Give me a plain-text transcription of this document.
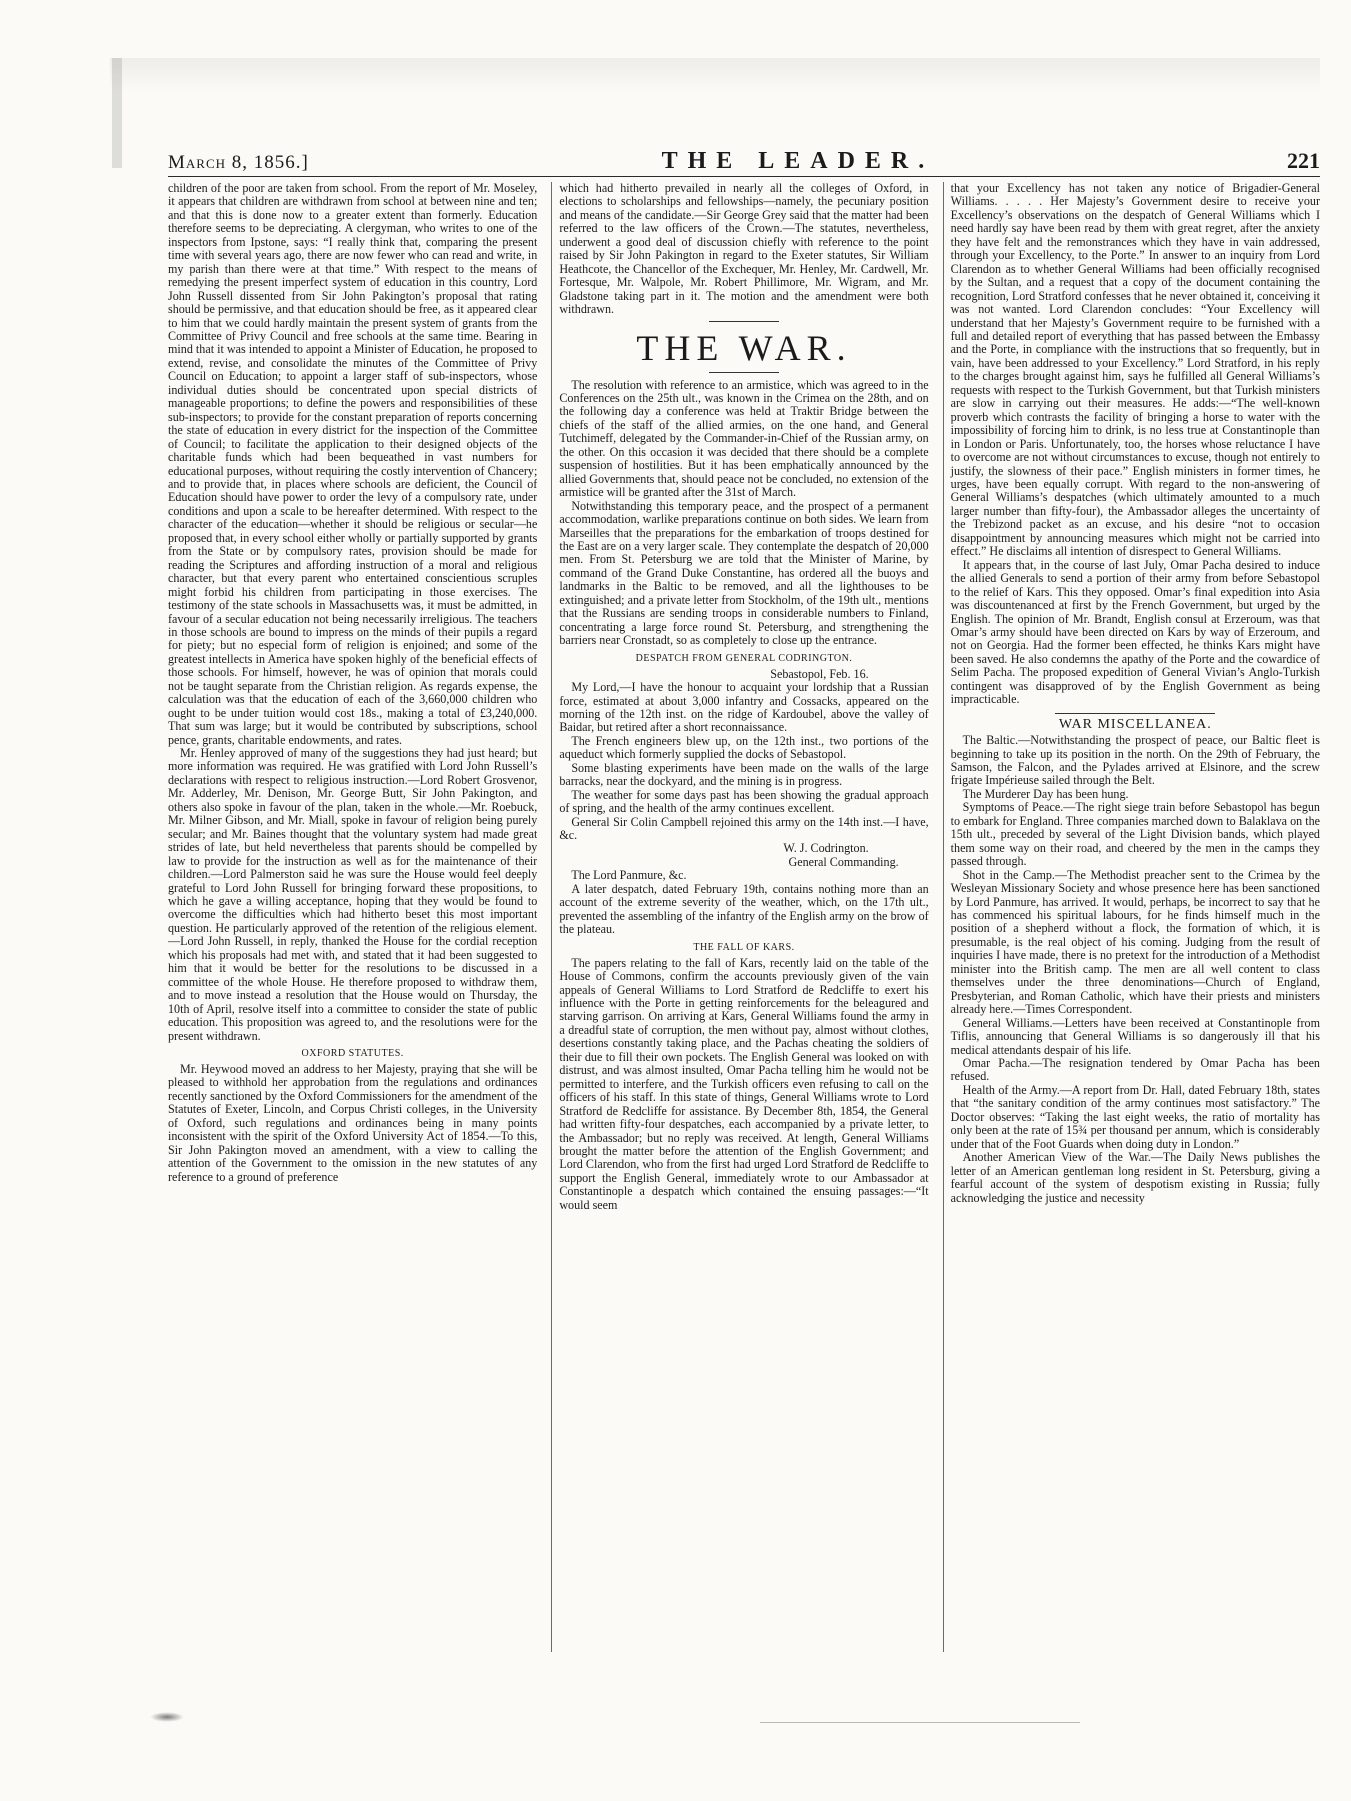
March 8, 1856.]	THE LEADER.	221

children of the poor are taken from school. From the report of Mr. Moseley, it appears that children are withdrawn from school at between nine and ten; and that this is done now to a greater extent than formerly. Education therefore seems to be depreciating. A clergyman, who writes to one of the inspectors from Ipstone, says: “I really think that, comparing the present time with several years ago, there are now fewer who can read and write, in my parish than there were at that time.” With respect to the means of remedying the present imperfect system of education in this country, Lord John Russell dissented from Sir John Pakington’s proposal that rating should be permissive, and that education should be free, as it appeared clear to him that we could hardly maintain the present system of grants from the Committee of Privy Council and free schools at the same time. Bearing in mind that it was intended to appoint a Minister of Education, he proposed to extend, revise, and consolidate the minutes of the Committee of Privy Council on Education; to appoint a larger staff of sub-inspectors, whose individual duties should be concentrated upon special districts of manageable proportions; to define the powers and responsibilities of these sub-inspectors; to provide for the constant preparation of reports concerning the state of education in every district for the inspection of the Committee of Council; to facilitate the application to their designed objects of the charitable funds which had been bequeathed in vast numbers for educational purposes, without requiring the costly intervention of Chancery; and to provide that, in places where schools are deficient, the Council of Education should have power to order the levy of a compulsory rate, under conditions and upon a scale to be hereafter determined. With respect to the character of the education—whether it should be religious or secular—he proposed that, in every school either wholly or partially supported by grants from the State or by compulsory rates, provision should be made for reading the Scriptures and affording instruction of a moral and religious character, but that every parent who entertained conscientious scruples might forbid his children from participating in those exercises. The testimony of the state schools in Massachusetts was, it must be admitted, in favour of a secular education not being necessarily irreligious. The teachers in those schools are bound to impress on the minds of their pupils a regard for piety; but no especial form of religion is enjoined; and some of the greatest intellects in America have spoken highly of the beneficial effects of those schools. For himself, however, he was of opinion that morals could not be taught separate from the Christian religion. As regards expense, the calculation was that the education of each of the 3,660,000 children who ought to be under tuition would cost 18s., making a total of £3,240,000. That sum was large; but it would be contributed by subscriptions, school pence, grants, charitable endowments, and rates.

Mr. Henley approved of many of the suggestions they had just heard; but more information was required. He was gratified with Lord John Russell’s declarations with respect to religious instruction.—Lord Robert Grosvenor, Mr. Adderley, Mr. Denison, Mr. George Butt, Sir John Pakington, and others also spoke in favour of the plan, taken in the whole.—Mr. Roebuck, Mr. Milner Gibson, and Mr. Miall, spoke in favour of religion being purely secular; and Mr. Baines thought that the voluntary system had made great strides of late, but held nevertheless that parents should be compelled by law to provide for the instruction as well as for the maintenance of their children.—Lord Palmerston said he was sure the House would feel deeply grateful to Lord John Russell for bringing forward these propositions, to which he gave a willing acceptance, hoping that they would be found to overcome the difficulties which had hitherto beset this most important question. He particularly approved of the retention of the religious element.—Lord John Russell, in reply, thanked the House for the cordial reception which his proposals had met with, and stated that it had been suggested to him that it would be better for the resolutions to be discussed in a committee of the whole House. He therefore proposed to withdraw them, and to move instead a resolution that the House would on Thursday, the 10th of April, resolve itself into a committee to consider the state of public education. This proposition was agreed to, and the resolutions were for the present withdrawn.

OXFORD STATUTES.

Mr. Heywood moved an address to her Majesty, praying that she will be pleased to withhold her approbation from the regulations and ordinances recently sanctioned by the Oxford Commissioners for the amendment of the Statutes of Exeter, Lincoln, and Corpus Christi colleges, in the University of Oxford, such regulations and ordinances being in many points inconsistent with the spirit of the Oxford University Act of 1854.—To this, Sir John Pakington moved an amendment, with a view to calling the attention of the Government to the omission in the new statutes of any reference to a ground of preference

which had hitherto prevailed in nearly all the colleges of Oxford, in elections to scholarships and fellowships—namely, the pecuniary position and means of the candidate.—Sir George Grey said that the matter had been referred to the law officers of the Crown.—The statutes, nevertheless, underwent a good deal of discussion chiefly with reference to the point raised by Sir John Pakington in regard to the Exeter statutes, Sir William Heathcote, the Chancellor of the Exchequer, Mr. Henley, Mr. Cardwell, Mr. Fortesque, Mr. Walpole, Mr. Robert Phillimore, Mr. Wigram, and Mr. Gladstone taking part in it. The motion and the amendment were both withdrawn.

THE WAR.

The resolution with reference to an armistice, which was agreed to in the Conferences on the 25th ult., was known in the Crimea on the 28th, and on the following day a conference was held at Traktir Bridge between the chiefs of the staff of the allied armies, on the one hand, and General Tutchimeff, delegated by the Commander-in-Chief of the Russian army, on the other. On this occasion it was decided that there should be a complete suspension of hostilities. But it has been emphatically announced by the allied Governments that, should peace not be concluded, no extension of the armistice will be granted after the 31st of March.

Notwithstanding this temporary peace, and the prospect of a permanent accommodation, warlike preparations continue on both sides. We learn from Marseilles that the preparations for the embarkation of troops destined for the East are on a very larger scale. They contemplate the despatch of 20,000 men. From St. Petersburg we are told that the Minister of Marine, by command of the Grand Duke Constantine, has ordered all the buoys and landmarks in the Baltic to be removed, and all the lighthouses to be extinguished; and a private letter from Stockholm, of the 19th ult., mentions that the Russians are sending troops in considerable numbers to Finland, concentrating a large force round St. Petersburg, and strengthening the barriers near Cronstadt, so as completely to close up the entrance.

DESPATCH FROM GENERAL CODRINGTON.
Sebastopol, Feb. 16.

My Lord,—I have the honour to acquaint your lordship that a Russian force, estimated at about 3,000 infantry and Cossacks, appeared on the morning of the 12th inst. on the ridge of Kardoubel, above the valley of Baidar, but retired after a short reconnaissance.

The French engineers blew up, on the 12th inst., two portions of the aqueduct which formerly supplied the docks of Sebastopol.

Some blasting experiments have been made on the walls of the large barracks, near the dockyard, and the mining is in progress.

The weather for some days past has been showing the gradual approach of spring, and the health of the army continues excellent.

General Sir Colin Campbell rejoined this army on the 14th inst.—I have, &c.

W. J. Codrington.
General Commanding.

The Lord Panmure, &c.

A later despatch, dated February 19th, contains nothing more than an account of the extreme severity of the weather, which, on the 17th ult., prevented the assembling of the infantry of the English army on the brow of the plateau.

THE FALL OF KARS.

The papers relating to the fall of Kars, recently laid on the table of the House of Commons, confirm the accounts previously given of the vain appeals of General Williams to Lord Stratford de Redcliffe to exert his influence with the Porte in getting reinforcements for the beleagured and starving garrison. On arriving at Kars, General Williams found the army in a dreadful state of corruption, the men without pay, almost without clothes, desertions constantly taking place, and the Pachas cheating the soldiers of their due to fill their own pockets. The English General was looked on with distrust, and was almost insulted, Omar Pacha telling him he would not be permitted to interfere, and the Turkish officers even refusing to call on the officers of his staff. In this state of things, General Williams wrote to Lord Stratford de Redcliffe for assistance. By December 8th, 1854, the General had written fifty-four despatches, each accompanied by a private letter, to the Ambassador; but no reply was received. At length, General Williams brought the matter before the attention of the English Government; and Lord Clarendon, who from the first had urged Lord Stratford de Redcliffe to support the English General, immediately wrote to our Ambassador at Constantinople a despatch which contained the ensuing passages:—“It would seem

that your Excellency has not taken any notice of Brigadier-General Williams. . . . . Her Majesty’s Government desire to receive your Excellency’s observations on the despatch of General Williams which I need hardly say have been read by them with great regret, after the anxiety they have felt and the remonstrances which they have in vain addressed, through your Excellency, to the Porte.” In answer to an inquiry from Lord Clarendon as to whether General Williams had been officially recognised by the Sultan, and a request that a copy of the document containing the recognition, Lord Stratford confesses that he never obtained it, conceiving it was not wanted. Lord Clarendon concludes: “Your Excellency will understand that her Majesty’s Government require to be furnished with a full and detailed report of everything that has passed between the Embassy and the Porte, in compliance with the instructions that so frequently, but in vain, have been addressed to your Excellency.” Lord Stratford, in his reply to the charges brought against him, says he fulfilled all General Williams’s requests with respect to the Turkish Government, but that Turkish ministers are slow in carrying out their measures. He adds:—“The well-known proverb which contrasts the facility of bringing a horse to water with the impossibility of forcing him to drink, is no less true at Constantinople than in London or Paris. Unfortunately, too, the horses whose reluctance I have to overcome are not without circumstances to excuse, though not entirely to justify, the slowness of their pace.” English ministers in former times, he urges, have been equally corrupt. With regard to the non-answering of General Williams’s despatches (which ultimately amounted to a much larger number than fifty-four), the Ambassador alleges the uncertainty of the Trebizond packet as an excuse, and his desire “not to occasion disappointment by announcing measures which might not be carried into effect.” He disclaims all intention of disrespect to General Williams.

It appears that, in the course of last July, Omar Pacha desired to induce the allied Generals to send a portion of their army from before Sebastopol to the relief of Kars. This they opposed. Omar’s final expedition into Asia was discountenanced at first by the French Government, but urged by the English. The opinion of Mr. Brandt, English consul at Erzeroum, was that Omar’s army should have been directed on Kars by way of Erzeroum, and not on Georgia. Had the former been effected, he thinks Kars might have been saved. He also condemns the apathy of the Porte and the cowardice of Selim Pacha. The proposed expedition of General Vivian’s Anglo-Turkish contingent was disapproved of by the English Government as being impracticable.

WAR MISCELLANEA.

The Baltic.—Notwithstanding the prospect of peace, our Baltic fleet is beginning to take up its position in the north. On the 29th of February, the Samson, the Falcon, and the Pylades arrived at Elsinore, and the screw frigate Impérieuse sailed through the Belt.

The Murderer Day has been hung.

Symptoms of Peace.—The right siege train before Sebastopol has begun to embark for England. Three companies marched down to Balaklava on the 15th ult., preceded by several of the Light Division bands, which played them some way on their road, and cheered by the men in the camps they passed through.

Shot in the Camp.—The Methodist preacher sent to the Crimea by the Wesleyan Missionary Society and whose presence here has been sanctioned by Lord Panmure, has arrived. It would, perhaps, be incorrect to say that he has commenced his spiritual labours, for he finds himself much in the position of a shepherd without a flock, the formation of which, it is presumable, is the real object of his coming. Judging from the result of inquiries I have made, there is no pretext for the introduction of a Methodist minister into the British camp. The men are all well content to class themselves under the three denominations—Church of England, Presbyterian, and Roman Catholic, which have their priests and ministers already here.—Times Correspondent.

General Williams.—Letters have been received at Constantinople from Tiflis, announcing that General Williams is so dangerously ill that his medical attendants despair of his life.

Omar Pacha.—The resignation tendered by Omar Pacha has been refused.

Health of the Army.—A report from Dr. Hall, dated February 18th, states that “the sanitary condition of the army continues most satisfactory.” The Doctor observes: “Taking the last eight weeks, the ratio of mortality has only been at the rate of 15¾ per thousand per annum, which is considerably under that of the Foot Guards when doing duty in London.”

Another American View of the War.—The Daily News publishes the letter of an American gentleman long resident in St. Petersburg, giving a fearful account of the system of despotism existing in Russia; fully acknowledging the justice and necessity
